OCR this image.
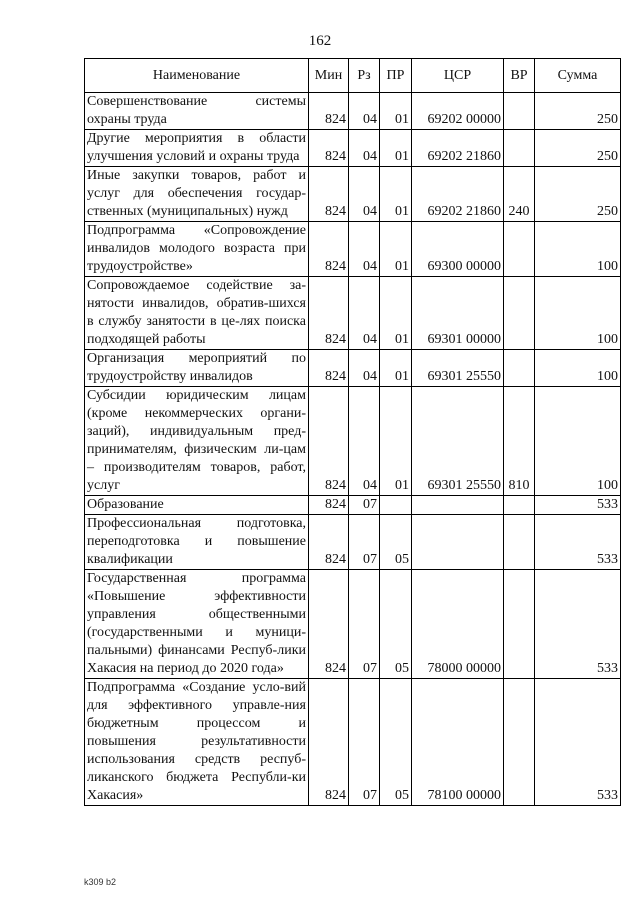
162
Наименование	Мин	Рз	ПР	ЦСР	ВР	Сумма
Совершенствование системы охраны труда	824	04	01	69202 00000		250
Другие мероприятия в области улучшения условий и охраны труда	824	04	01	69202 21860		250
Иные закупки товаров, работ и услуг для обеспечения государ-ственных (муниципальных) нужд	824	04	01	69202 21860	240	250
Подпрограмма «Сопровождение инвалидов молодого возраста при трудоустройстве»	824	04	01	69300 00000		100
Сопровождаемое содействие за-нятости инвалидов, обратив-шихся в службу занятости в це-лях поиска подходящей работы	824	04	01	69301 00000		100
Организация мероприятий по трудоустройству инвалидов	824	04	01	69301 25550		100
Субсидии юридическим лицам (кроме некоммерческих органи-заций), индивидуальным пред-принимателям, физическим ли-цам – производителям товаров, работ, услуг	824	04	01	69301 25550	810	100
Образование	824	07				533
Профессиональная подготовка, переподготовка и повышение квалификации	824	07	05			533
Государственная программа «Повышение эффективности управления общественными (государственными и муници-пальными) финансами Респуб-лики Хакасия на период до 2020 года»	824	07	05	78000 00000		533
Подпрограмма «Создание усло-вий для эффективного управле-ния бюджетным процессом и повышения результативности использования средств респуб-ликанского бюджета Республи-ки Хакасия»	824	07	05	78100 00000		533
k309 b2
